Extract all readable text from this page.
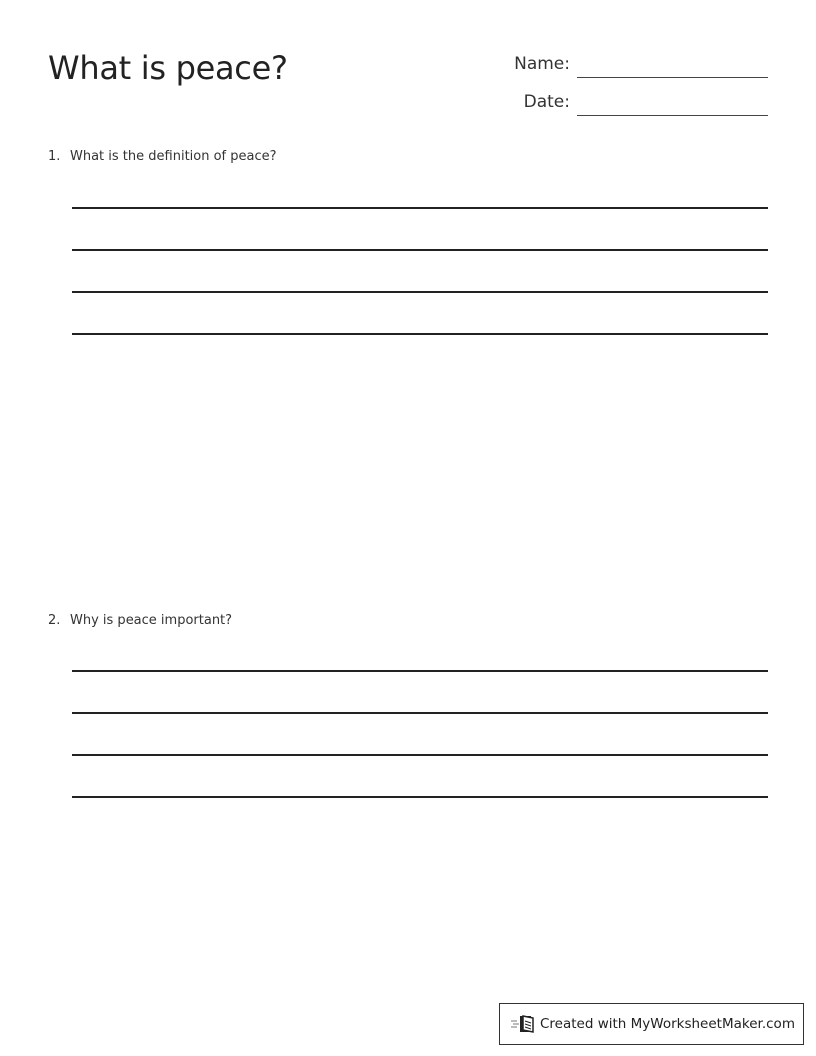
What is peace?	Name:
Date:
1. What is the definition of peace?
2. Why is peace important?
Created with MyWorksheetMaker.com
